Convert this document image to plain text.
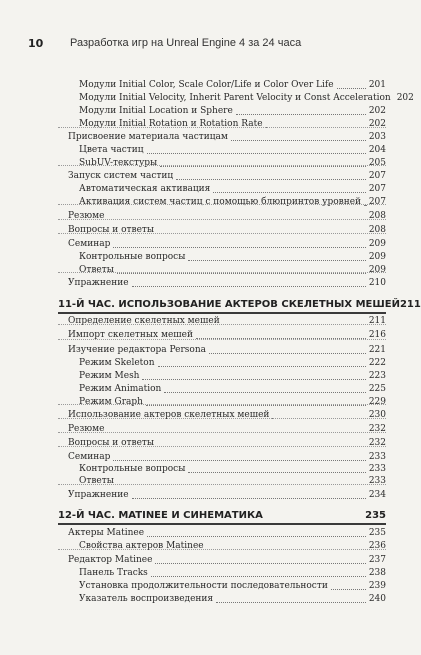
10 Разработка игр на Unreal Engine 4 за 24 часа
Модули Initial Color, Scale Color/Life и Color Over Life	201
Модули Initial Velocity, Inherit Parent Velocity и Const Acceleration 202
Модули Initial Location и Sphere	202
Модули Initial Rotation и Rotation Rate	202
Присвоение материала частицам	203
Цвета частиц	204
SubUV-текстуры	205
Запуск систем частиц	207
Автоматическая активация	207
Активация систем частиц с помощью блюпринтов уровней 207
Резюме	208
Вопросы и ответы	208
Семинар	209
Контрольные вопросы	209
Ответы	209
Упражнение	210
11-Й ЧАС. ИСПОЛЬЗОВАНИЕ АКТЕРОВ СКЕЛЕТНЫХ МЕШЕЙ 211
Определение скелетных мешей	211
Импорт скелетных мешей	216
Изучение редактора Persona	221
Режим Skeleton	222
Режим Mesh	223
Режим Animation	225
Режим Graph	229
Использование актеров скелетных мешей	230
Резюме	232
Вопросы и ответы	232
Семинар	233
Контрольные вопросы	233
Ответы	233
Упражнение	234
12-Й ЧАС. MATINEE И СИНЕМАТИКА	235
Актеры Matinee	235
Свойства актеров Matinee	236
Редактор Matinee	237
Панель Tracks	238
Установка продолжительности последовательности	239
Указатель воспроизведения	240
